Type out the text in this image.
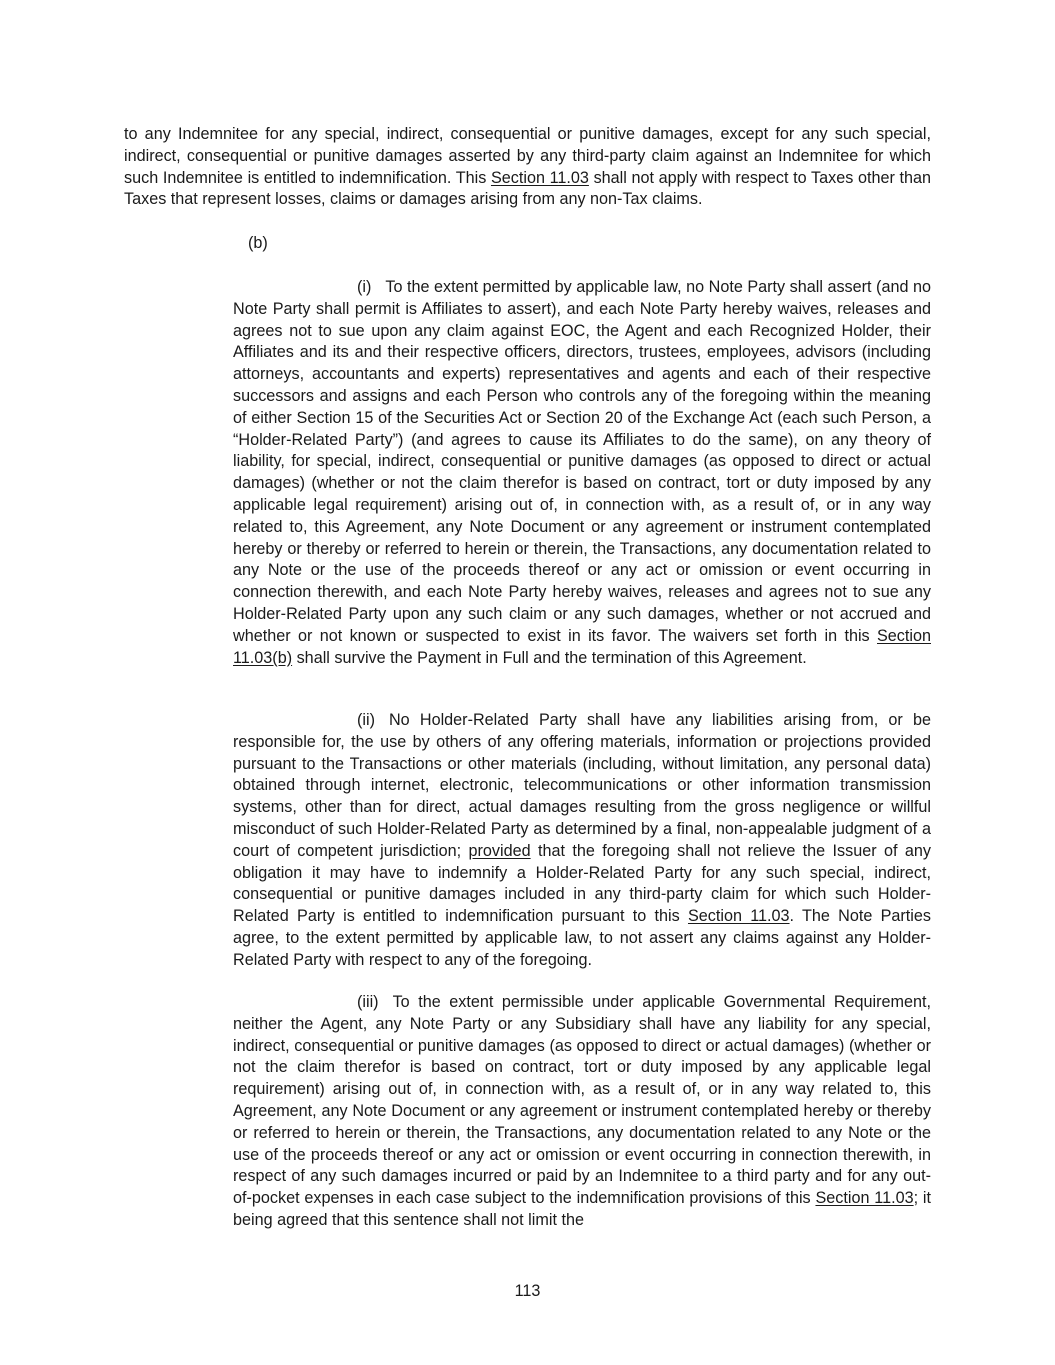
to any Indemnitee for any special, indirect, consequential or punitive damages, except for any such special, indirect, consequential or punitive damages asserted by any third-party claim against an Indemnitee for which such Indemnitee is entitled to indemnification. This Section 11.03 shall not apply with respect to Taxes other than Taxes that represent losses, claims or damages arising from any non-Tax claims.

(b)

(i) To the extent permitted by applicable law, no Note Party shall assert (and no Note Party shall permit is Affiliates to assert), and each Note Party hereby waives, releases and agrees not to sue upon any claim against EOC, the Agent and each Recognized Holder, their Affiliates and its and their respective officers, directors, trustees, employees, advisors (including attorneys, accountants and experts) representatives and agents and each of their respective successors and assigns and each Person who controls any of the foregoing within the meaning of either Section 15 of the Securities Act or Section 20 of the Exchange Act (each such Person, a “Holder-Related Party”) (and agrees to cause its Affiliates to do the same), on any theory of liability, for special, indirect, consequential or punitive damages (as opposed to direct or actual damages) (whether or not the claim therefor is based on contract, tort or duty imposed by any applicable legal requirement) arising out of, in connection with, as a result of, or in any way related to, this Agreement, any Note Document or any agreement or instrument contemplated hereby or thereby or referred to herein or therein, the Transactions, any documentation related to any Note or the use of the proceeds thereof or any act or omission or event occurring in connection therewith, and each Note Party hereby waives, releases and agrees not to sue any Holder-Related Party upon any such claim or any such damages, whether or not accrued and whether or not known or suspected to exist in its favor. The waivers set forth in this Section 11.03(b) shall survive the Payment in Full and the termination of this Agreement.

(ii) No Holder-Related Party shall have any liabilities arising from, or be responsible for, the use by others of any offering materials, information or projections provided pursuant to the Transactions or other materials (including, without limitation, any personal data) obtained through internet, electronic, telecommunications or other information transmission systems, other than for direct, actual damages resulting from the gross negligence or willful misconduct of such Holder-Related Party as determined by a final, non-appealable judgment of a court of competent jurisdiction; provided that the foregoing shall not relieve the Issuer of any obligation it may have to indemnify a Holder-Related Party for any such special, indirect, consequential or punitive damages included in any third-party claim for which such Holder-Related Party is entitled to indemnification pursuant to this Section 11.03. The Note Parties agree, to the extent permitted by applicable law, to not assert any claims against any Holder-Related Party with respect to any of the foregoing.

(iii) To the extent permissible under applicable Governmental Requirement, neither the Agent, any Note Party or any Subsidiary shall have any liability for any special, indirect, consequential or punitive damages (as opposed to direct or actual damages) (whether or not the claim therefor is based on contract, tort or duty imposed by any applicable legal requirement) arising out of, in connection with, as a result of, or in any way related to, this Agreement, any Note Document or any agreement or instrument contemplated hereby or thereby or referred to herein or therein, the Transactions, any documentation related to any Note or the use of the proceeds thereof or any act or omission or event occurring in connection therewith, in respect of any such damages incurred or paid by an Indemnitee to a third party and for any out-of-pocket expenses in each case subject to the indemnification provisions of this Section 11.03; it being agreed that this sentence shall not limit the

113
